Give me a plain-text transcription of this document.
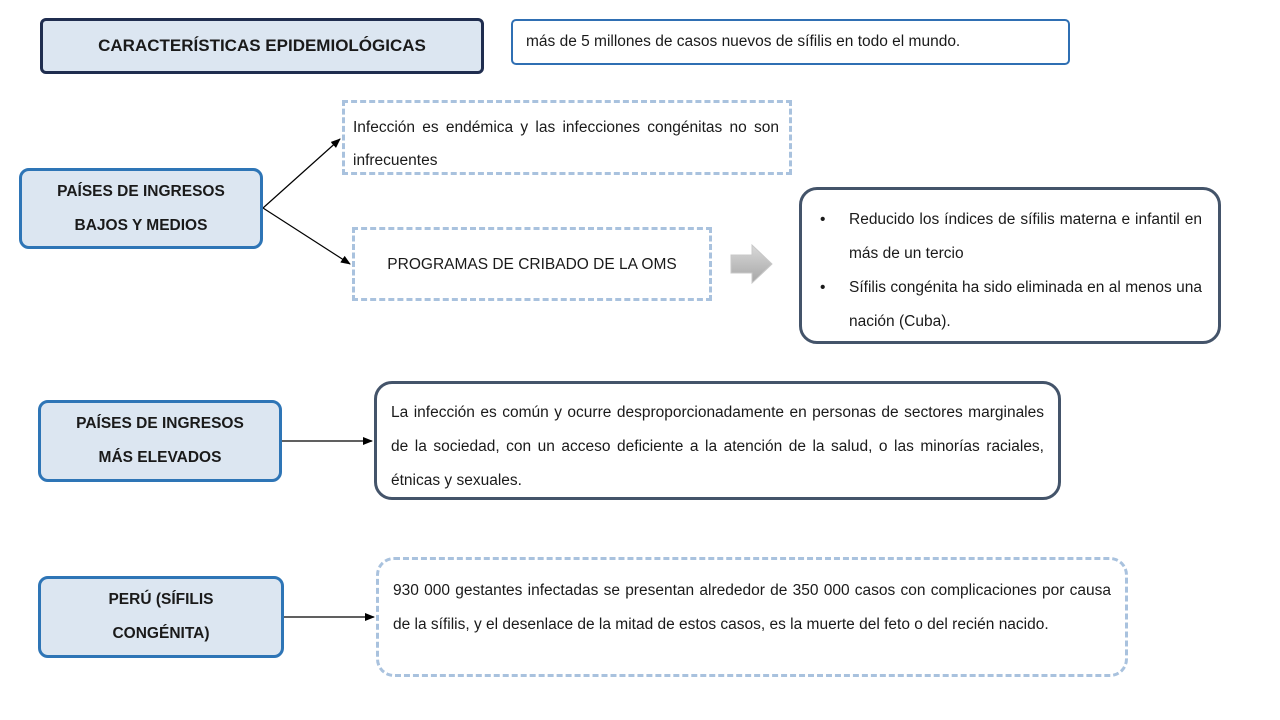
CARACTERÍSTICAS EPIDEMIOLÓGICAS	más de 5 millones de casos nuevos de sífilis en todo el mundo.
PAÍSES DE INGRESOS
BAJOS Y MEDIOS
Infección es endémica y las infecciones congénitas no son infrecuentes
PROGRAMAS DE CRIBADO DE LA OMS
• Reducido los índices de sífilis materna e infantil en más de un tercio
• Sífilis congénita ha sido eliminada en al menos una nación (Cuba).
PAÍSES DE INGRESOS
MÁS ELEVADOS
La infección es común y ocurre desproporcionadamente en personas de sectores marginales de la sociedad, con un acceso deficiente a la atención de la salud, o las minorías raciales, étnicas y sexuales.
PERÚ (SÍFILIS
CONGÉNITA)
930 000 gestantes infectadas se presentan alrededor de 350 000 casos con complicaciones por causa de la sífilis, y el desenlace de la mitad de estos casos, es la muerte del feto o del recién nacido.
